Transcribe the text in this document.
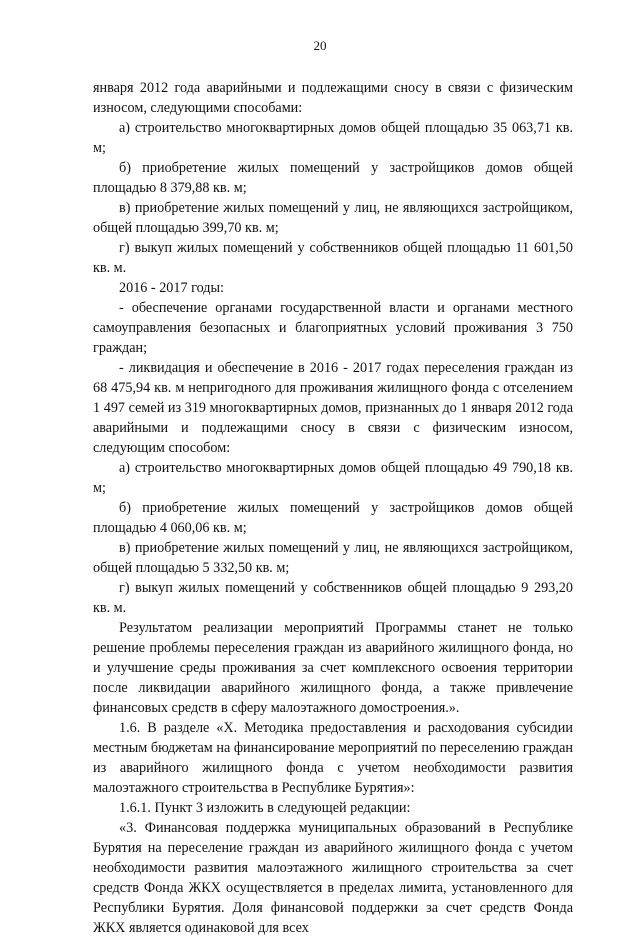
20

января 2012 года аварийными и подлежащими сносу в связи с физическим износом, следующими способами:

а) строительство многоквартирных домов общей площадью 35 063,71 кв. м;

б) приобретение жилых помещений у застройщиков домов общей площадью 8 379,88 кв. м;

в) приобретение жилых помещений у лиц, не являющихся застройщиком, общей площадью 399,70 кв. м;

г) выкуп жилых помещений у собственников общей площадью 11 601,50 кв. м.

2016 - 2017 годы:

- обеспечение органами государственной власти и органами местного самоуправления безопасных и благоприятных условий проживания 3 750 граждан;

- ликвидация и обеспечение в 2016 - 2017 годах переселения граждан из 68 475,94 кв. м непригодного для проживания жилищного фонда с отселением 1 497 семей из 319 многоквартирных домов, признанных до 1 января 2012 года аварийными и подлежащими сносу в связи с физическим износом, следующим способом:

а) строительство многоквартирных домов общей площадью 49 790,18 кв. м;

б) приобретение жилых помещений у застройщиков домов общей площадью 4 060,06 кв. м;

в) приобретение жилых помещений у лиц, не являющихся застройщиком, общей площадью 5 332,50 кв. м;

г) выкуп жилых помещений у собственников общей площадью 9 293,20 кв. м.

Результатом реализации мероприятий Программы станет не только решение проблемы переселения граждан из аварийного жилищного фонда, но и улучшение среды проживания за счет комплексного освоения территории после ликвидации аварийного жилищного фонда, а также привлечение финансовых средств в сферу малоэтажного домостроения.».

1.6. В разделе «X. Методика предоставления и расходования субсидии местным бюджетам на финансирование мероприятий по переселению граждан из аварийного жилищного фонда с учетом необходимости развития малоэтажного строительства в Республике Бурятия»:

1.6.1. Пункт 3 изложить в следующей редакции:

«3. Финансовая поддержка муниципальных образований в Республике Бурятия на переселение граждан из аварийного жилищного фонда с учетом необходимости развития малоэтажного жилищного строительства за счет средств Фонда ЖКХ осуществляется в пределах лимита, установленного для Республики Бурятия. Доля финансовой поддержки за счет средств Фонда ЖКХ является одинаковой для всех
